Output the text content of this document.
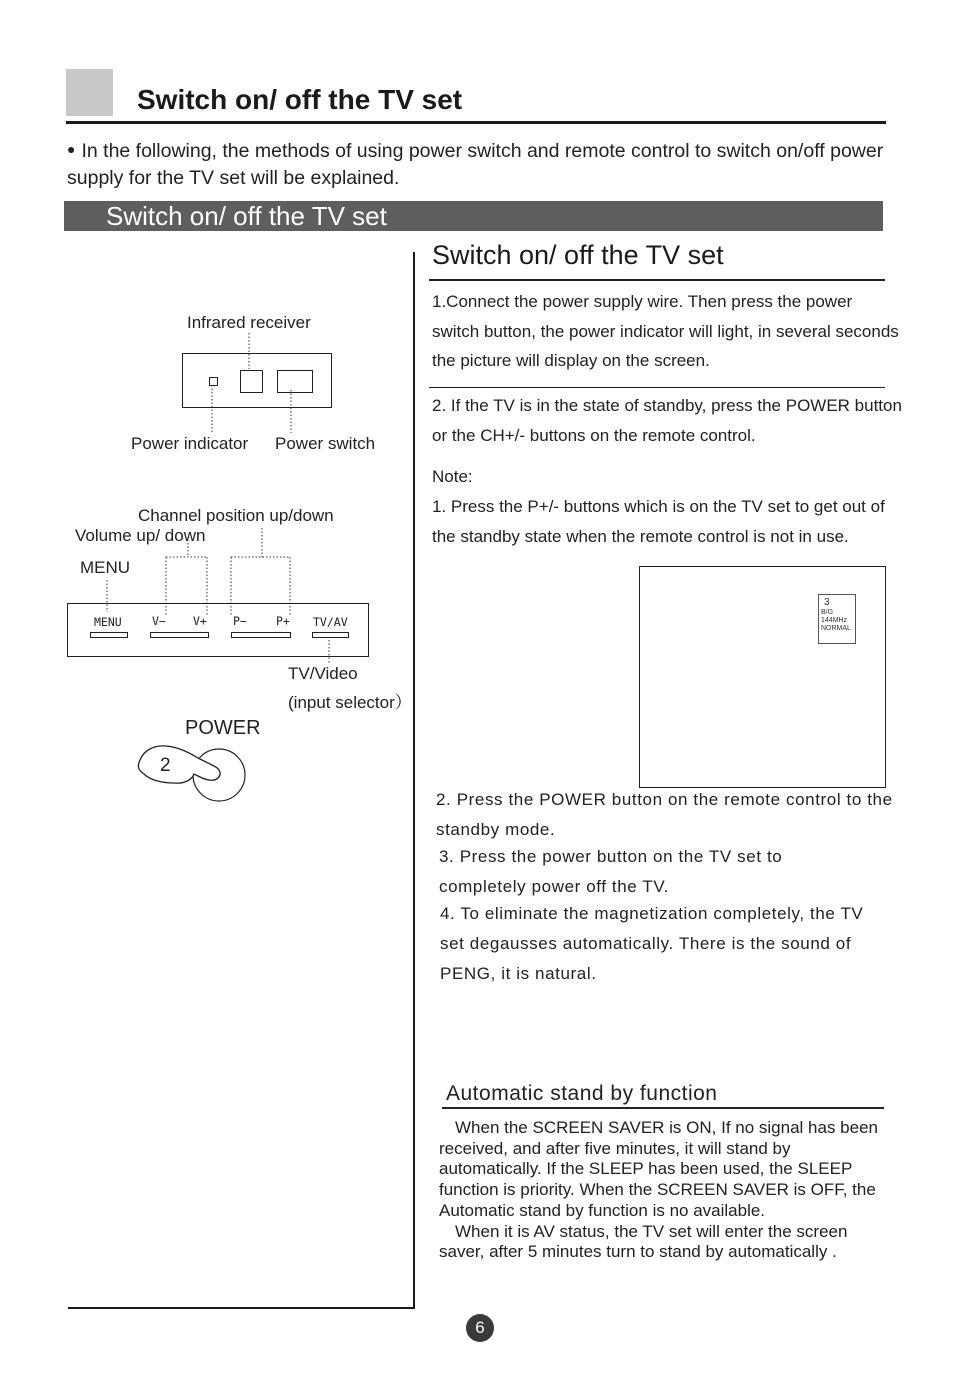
Switch on/ off the TV set
● In the following, the methods of using power switch and remote control to switch on/off power supply for the TV set will be explained.
Switch on/ off the TV set
Infrared receiver
Power indicator Power switch
Channel position up/down
Volume up/ down
MENU
MENU	V− V+ P−	P+ TV/AV
TV/Video
(input selector）
POWER
2
Switch on/ off the TV set
1.Connect the power supply wire. Then press the power switch button, the power indicator will light, in several seconds the picture will display on the screen.
2. If the TV is in the state of standby, press the POWER button or the CH+/- buttons on the remote control.
Note:
1. Press the P+/- buttons which is on the TV set to get out of the standby state when the remote control is not in use.
3
B/G
144MHz
NORMAL
2. Press the POWER button on the remote control to the standby mode.
3. Press the power button on the TV set to completely power off the TV.
4. To eliminate the magnetization completely, the TV set degausses automatically. There is the sound of PENG, it is natural.
Automatic stand by function
When the SCREEN SAVER is ON, If no signal has been received, and after five minutes, it will stand by automatically. If the SLEEP has been used, the SLEEP function is priority. When the SCREEN SAVER is OFF, the Automatic stand by function is no available.
When it is AV status, the TV set will enter the screen saver, after 5 minutes turn to stand by automatically .
6
